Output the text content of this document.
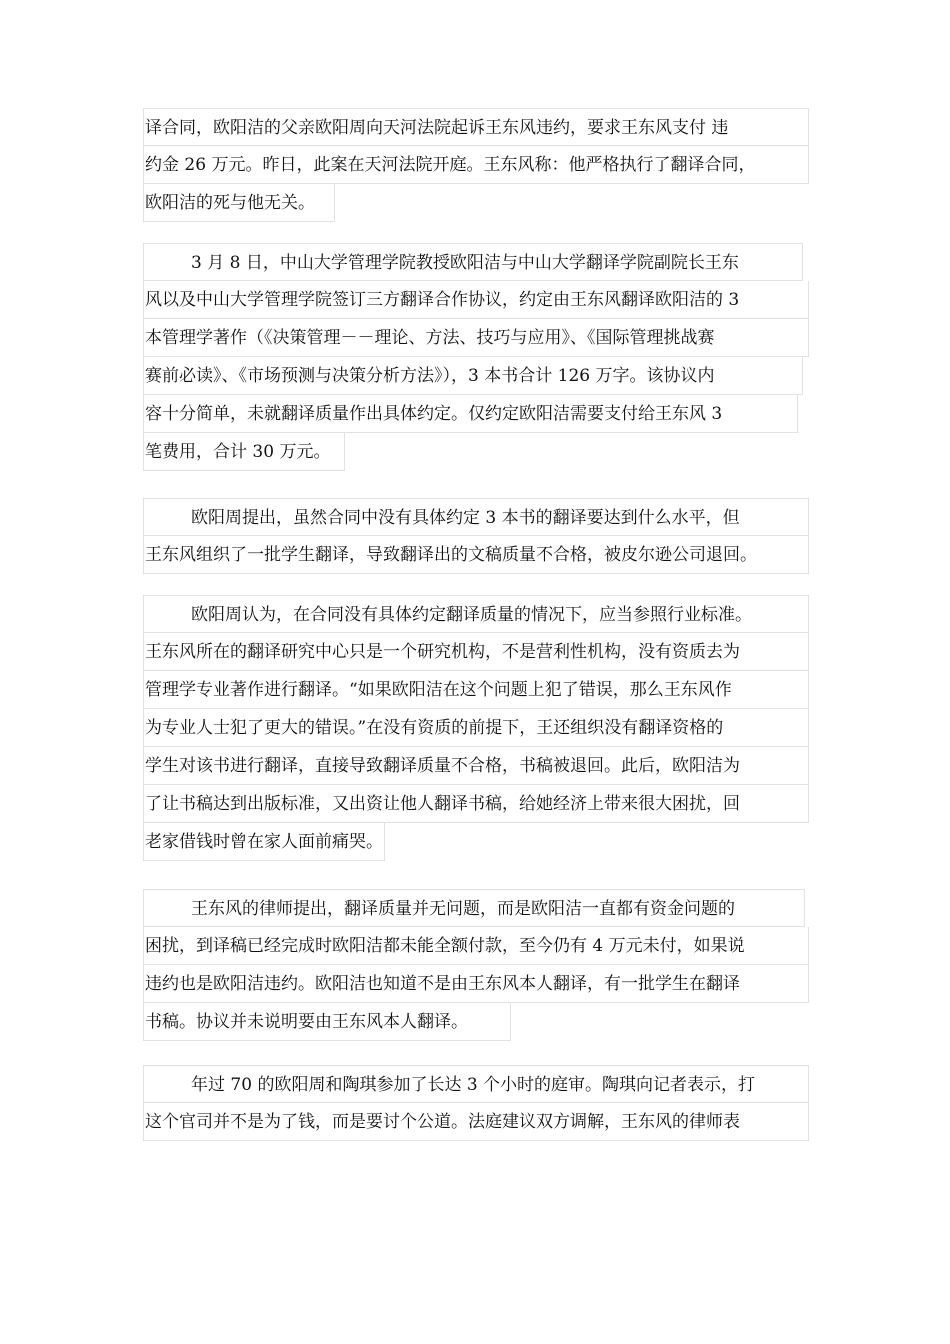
译合同，欧阳洁的父亲欧阳周向天河法院起诉王东风违约，要求王东风支付 违
约金 26 万元。昨日，此案在天河法院开庭。王东风称：他严格执行了翻译合同，
欧阳洁的死与他无关。
3 月 8 日，中山大学管理学院教授欧阳洁与中山大学翻译学院副院长王东
风以及中山大学管理学院签订三方翻译合作协议，约定由王东风翻译欧阳洁的 3
本管理学著作（《决策管理－－理论、方法、技巧与应用》、《国际管理挑战赛
赛前必读》、《市场预测与决策分析方法》），3 本书合计 126 万字。该协议内
容十分简单，未就翻译质量作出具体约定。仅约定欧阳洁需要支付给王东风 3
笔费用，合计 30 万元。
欧阳周提出，虽然合同中没有具体约定 3 本书的翻译要达到什么水平，但
王东风组织了一批学生翻译，导致翻译出的文稿质量不合格，被皮尔逊公司退回。
欧阳周认为，在合同没有具体约定翻译质量的情况下，应当参照行业标准。
王东风所在的翻译研究中心只是一个研究机构，不是营利性机构，没有资质去为
管理学专业著作进行翻译。“如果欧阳洁在这个问题上犯了错误，那么王东风作
为专业人士犯了更大的错误。”在没有资质的前提下，王还组织没有翻译资格的
学生对该书进行翻译，直接导致翻译质量不合格，书稿被退回。此后，欧阳洁为
了让书稿达到出版标准，又出资让他人翻译书稿，给她经济上带来很大困扰，回
老家借钱时曾在家人面前痛哭。
王东风的律师提出，翻译质量并无问题，而是欧阳洁一直都有资金问题的
困扰，到译稿已经完成时欧阳洁都未能全额付款，至今仍有 4 万元未付，如果说
违约也是欧阳洁违约。欧阳洁也知道不是由王东风本人翻译，有一批学生在翻译
书稿。协议并未说明要由王东风本人翻译。
年过 70 的欧阳周和陶琪参加了长达 3 个小时的庭审。陶琪向记者表示，打
这个官司并不是为了钱，而是要讨个公道。法庭建议双方调解，王东风的律师表
